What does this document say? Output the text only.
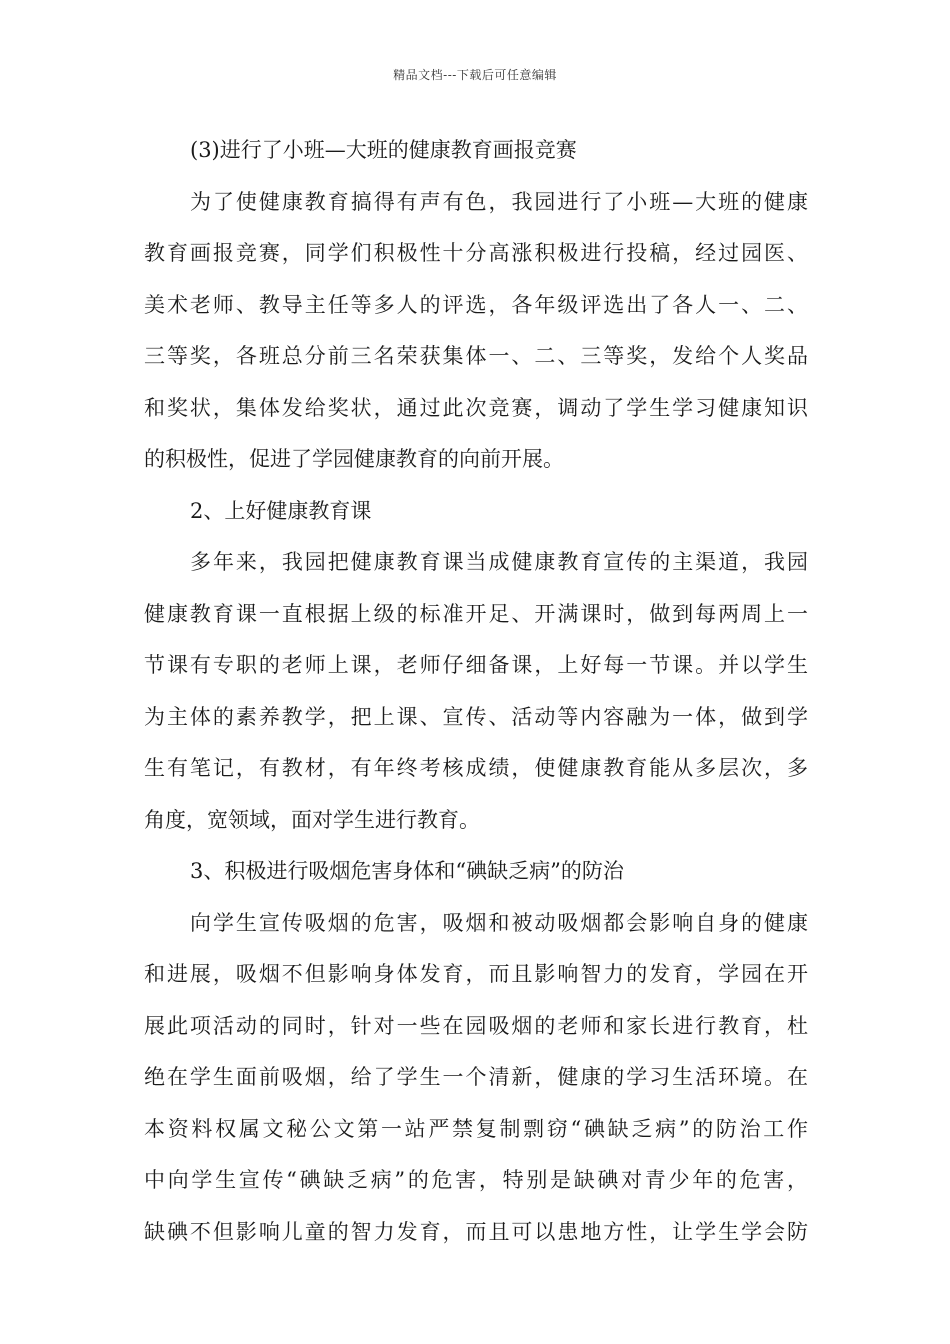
精品文档---下载后可任意编辑
(3)进行了小班—大班的健康教育画报竞赛
为了使健康教育搞得有声有色，我园进行了小班—大班的健康
教育画报竞赛，同学们积极性十分高涨积极进行投稿，经过园医、
美术老师、教导主任等多人的评选，各年级评选出了各人一、二、
三等奖，各班总分前三名荣获集体一、二、三等奖，发给个人奖品
和奖状，集体发给奖状，通过此次竞赛，调动了学生学习健康知识
的积极性，促进了学园健康教育的向前开展。
2、上好健康教育课
多年来，我园把健康教育课当成健康教育宣传的主渠道，我园
健康教育课一直根据上级的标准开足、开满课时，做到每两周上一
节课有专职的老师上课，老师仔细备课，上好每一节课。并以学生
为主体的素养教学，把上课、宣传、活动等内容融为一体，做到学
生有笔记，有教材，有年终考核成绩，使健康教育能从多层次，多
角度，宽领域，面对学生进行教育。
3、积极进行吸烟危害身体和“碘缺乏病”的防治
向学生宣传吸烟的危害，吸烟和被动吸烟都会影响自身的健康
和进展，吸烟不但影响身体发育，而且影响智力的发育，学园在开
展此项活动的同时，针对一些在园吸烟的老师和家长进行教育，杜
绝在学生面前吸烟，给了学生一个清新，健康的学习生活环境。在
本资料权属文秘公文第一站严禁复制剽窃“碘缺乏病”的防治工作
中向学生宣传“碘缺乏病”的危害，特别是缺碘对青少年的危害，
缺碘不但影响儿童的智力发育，而且可以患地方性，让学生学会防
